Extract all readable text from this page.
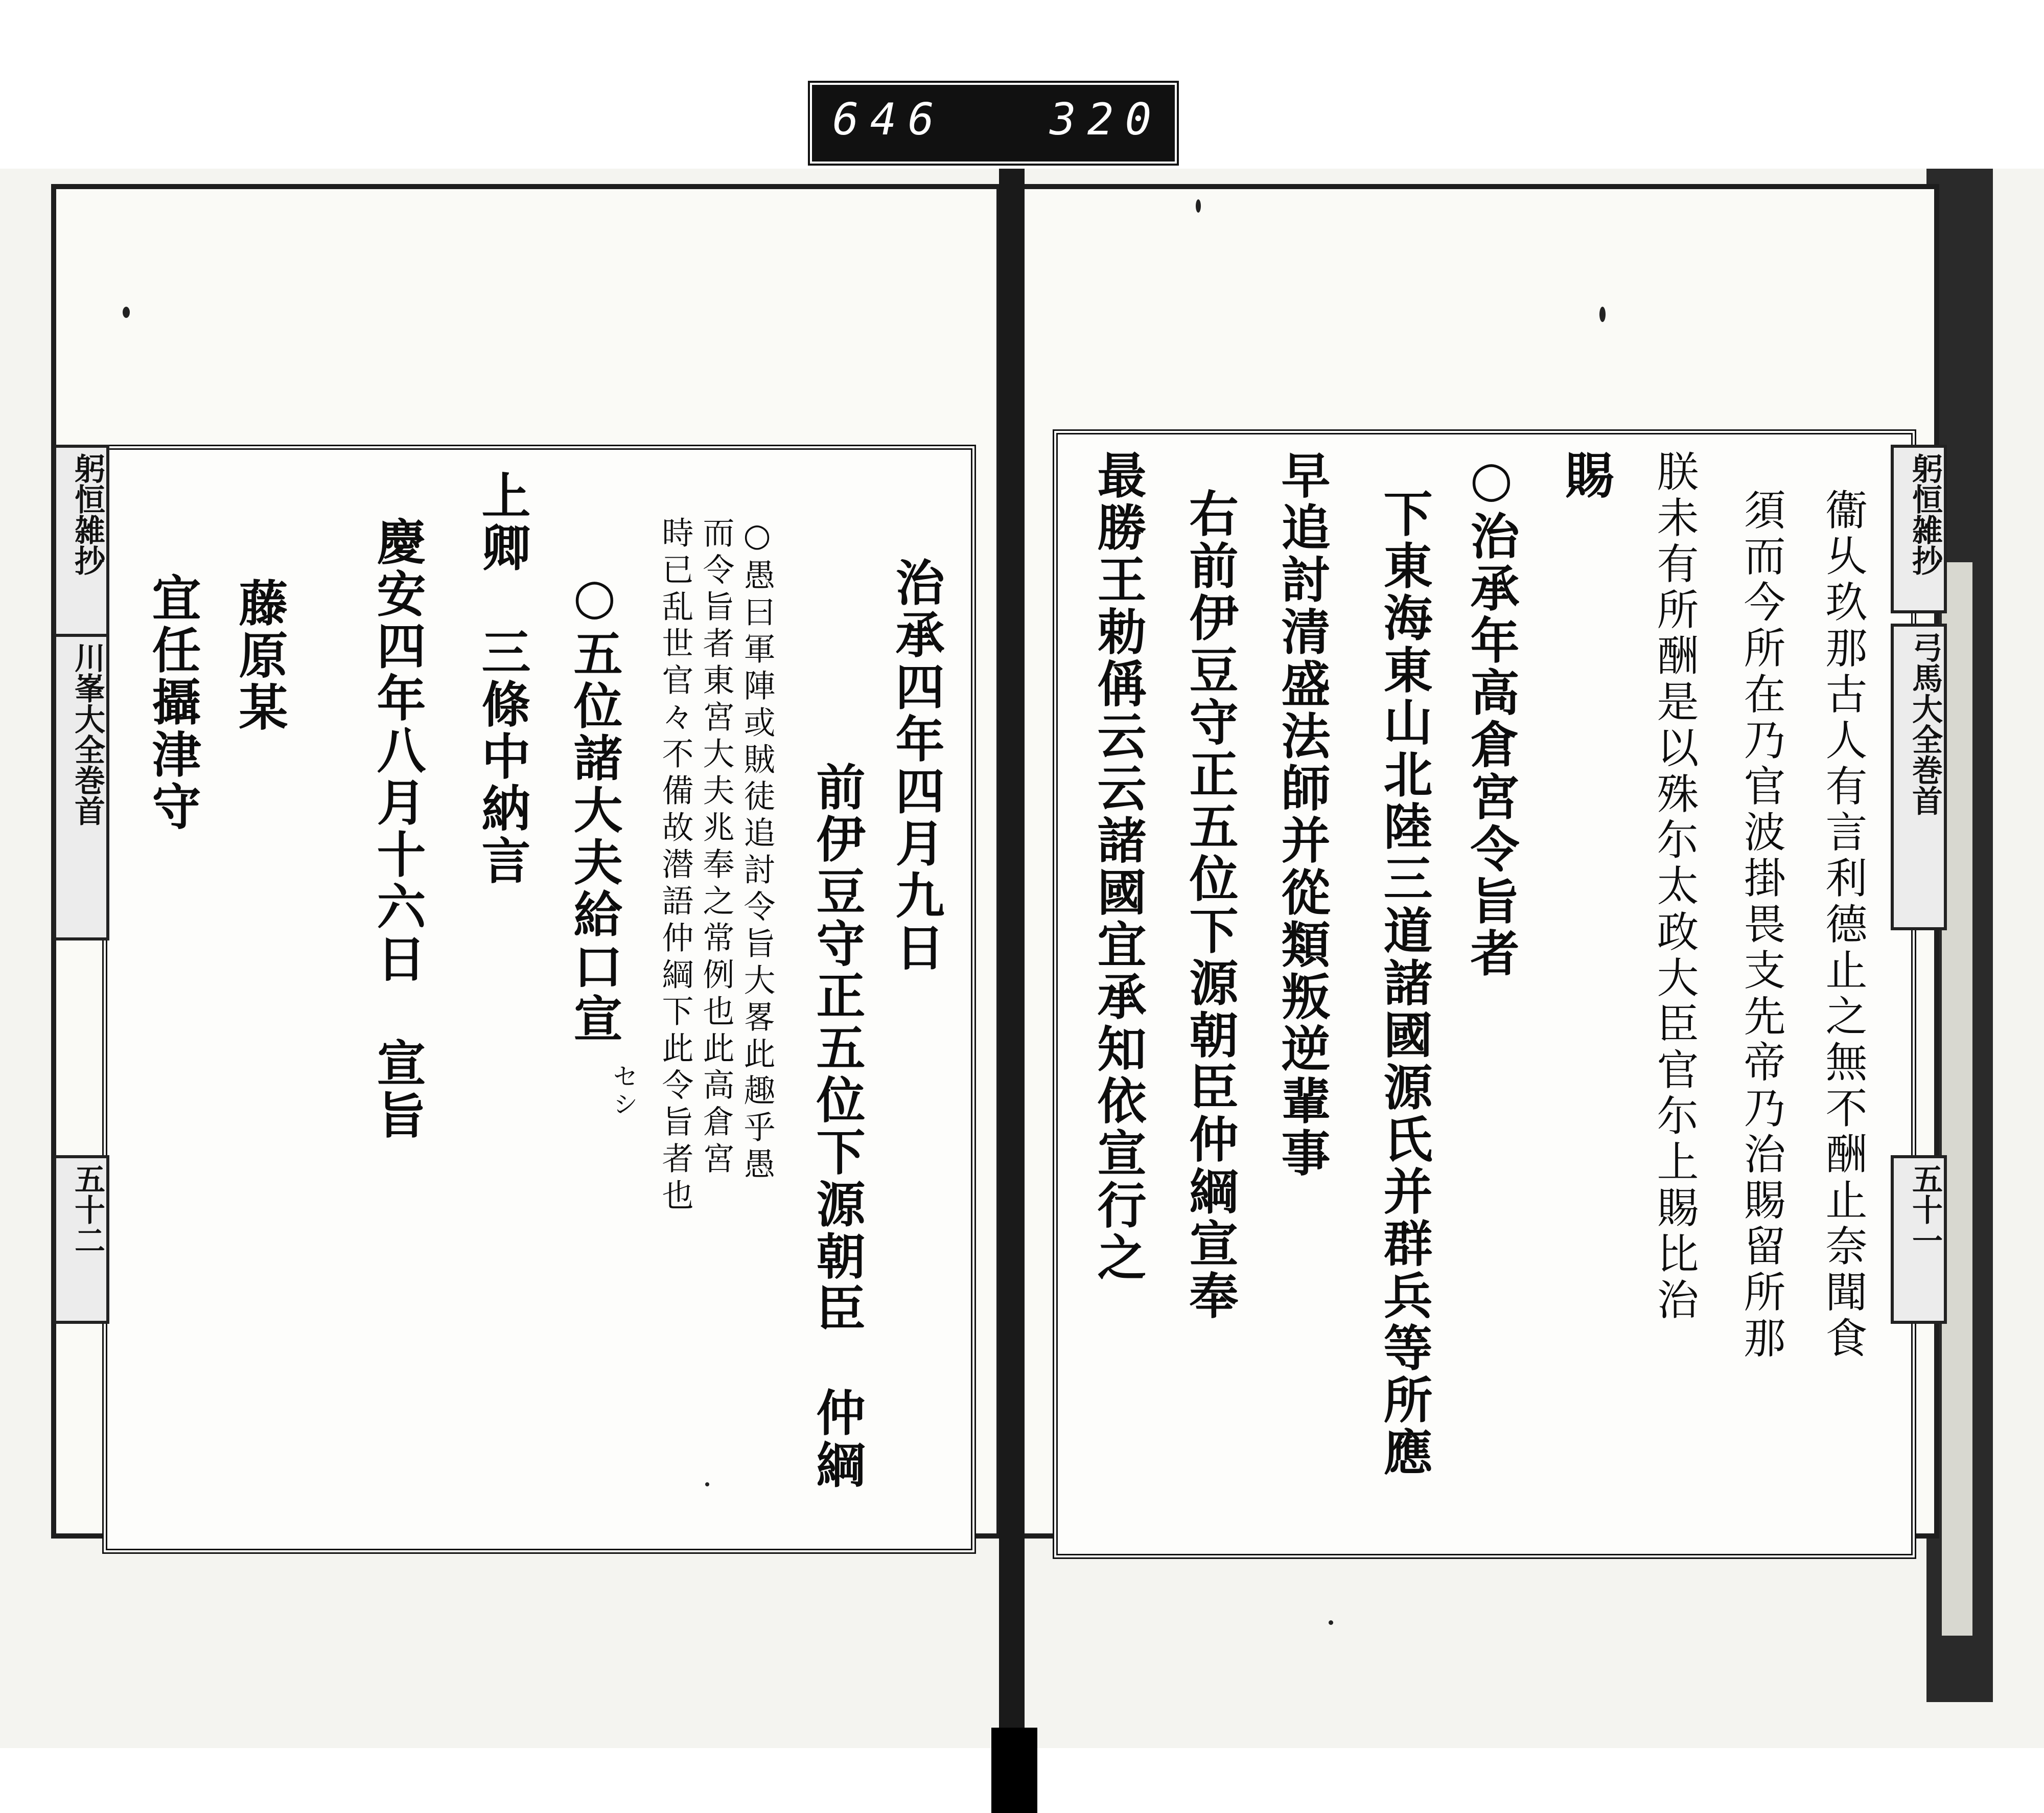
646 320
躬恒雑抄
川峯大全巻首
五十二
治承四年四月九日
前伊豆守正五位下源朝臣　仲綱
○愚曰軍陣或賊徒追討令旨大畧此趣乎愚
而令旨者東宮大夫兆奉之常例也此高倉宮
時已乱世官々不備故潜語仲綱下此令旨者也
○五位諸大夫給口宣
セシ
上卿　三條中納言
慶安四年八月十六日　宣旨
藤原某
宜任攝津守
躬恒雑抄
弓馬大全巻首
五十一
衞乆玖那古人有言利德止之無不酬止奈聞食
須而今所在乃官波掛畏支先帝乃治賜留所那
朕未有所酬是以殊尓太政大臣官尓上賜比治
賜
○治承年高倉宮令旨者
下東海東山北陸三道諸國源氏并群兵等所應
早追討清盛法師并從類叛逆輩事
右前伊豆守正五位下源朝臣仲綱宣奉
最勝王勅偁云云諸國宜承知依宣行之
